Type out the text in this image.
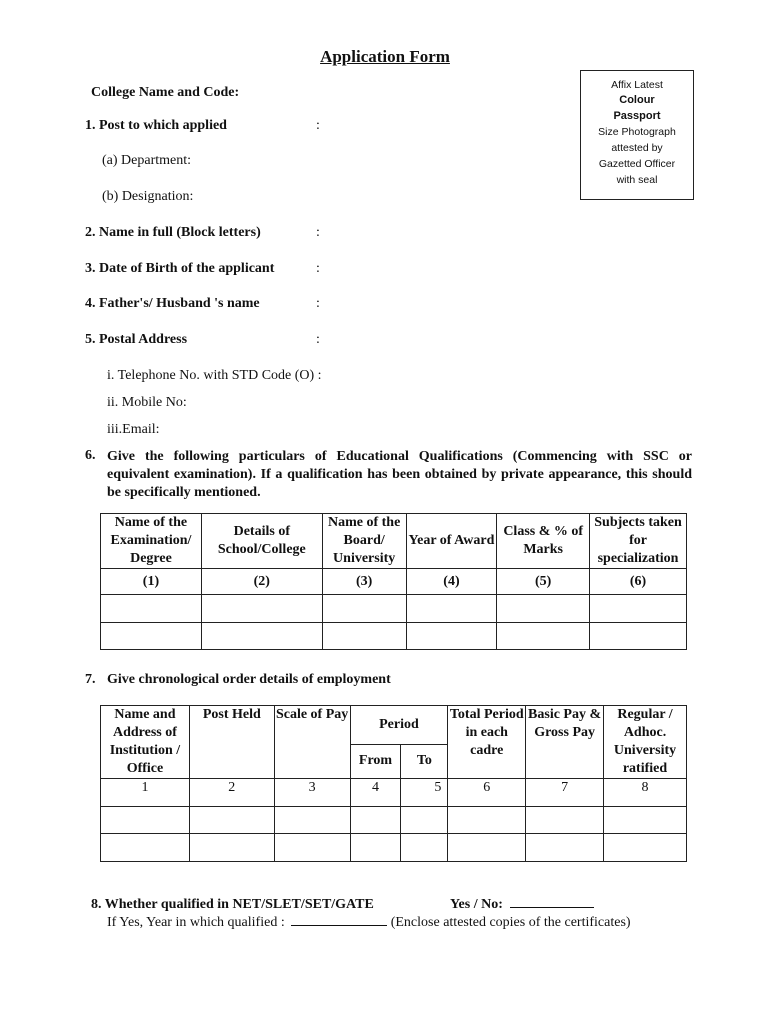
Application Form
Affix Latest
Colour
Passport
Size Photograph
attested by
Gazetted Officer
with seal
College Name and Code:
1. Post to which applied	:
(a) Department:
(b) Designation:
2. Name in full (Block letters)	:
3. Date of Birth of the applicant	:
4. Father's/ Husband 's name	:
5. Postal Address	:
i. Telephone No. with STD Code (O) :
ii. Mobile No:
iii.Email:
6. Give the following particulars of Educational Qualifications (Commencing with SSC or equivalent examination). If a qualification has been obtained by private appearance, this should be specifically mentioned.
Name of the Examination/ Degree	Details of School/College	Name of the Board/ University	Year of Award	Class & % of Marks	Subjects taken for specialization
(1)	(2)	(3)	(4)	(5)	(6)

7. Give chronological order details of employment
Name and Address of Institution / Office	Post Held	Scale of Pay	Period		Total Period in each cadre	Basic Pay & Gross Pay	Regular / Adhoc. University ratified
			From	To			
1	2	3	4	5	6	7	8

8. Whether qualified in NET/SLET/SET/GATE	Yes / No:
If Yes, Year in which qualified :	(Enclose attested copies of the certificates)
